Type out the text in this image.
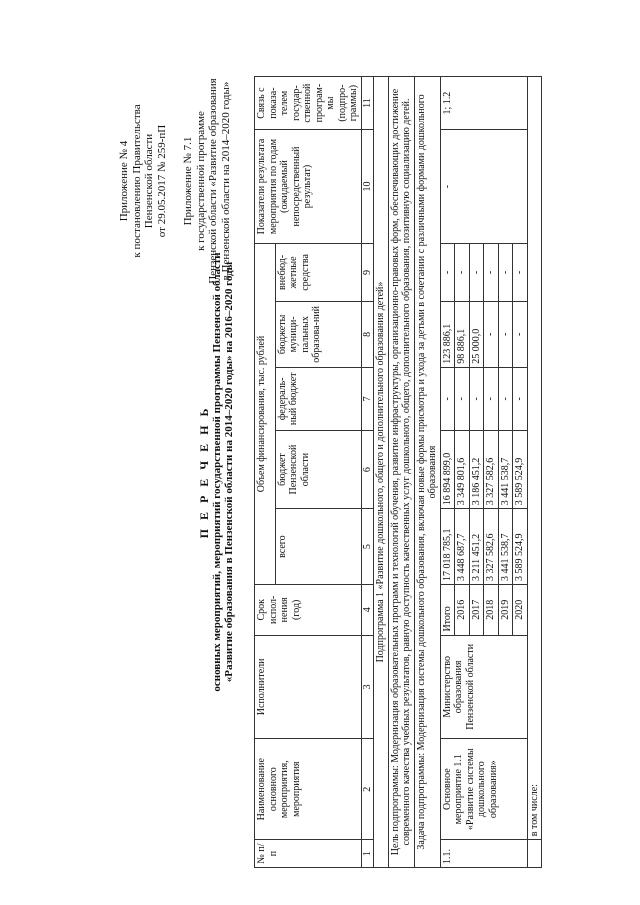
Приложение № 4 к постановлению Правительства Пензенской области от 29.05.2017 № 259-пП Приложение № 7.1 к государственной программе Пензенской области «Развитие образования в Пензенской области на 2014–2020 годы»
П Е Р Е Ч Е Н Ь основных мероприятий, мероприятий государственной программы Пензенской области «Развитие образования в Пензенской области на 2014–2020 годы» на 2016–2020 годы
№ п/п	Наименование основного мероприятия, мероприятия	Исполнители	Срок испол-нения (год)	Объем финансирования, тыс. рублей					Показатели результата мероприятия по годам (ожидаемый непосредственный результат)	Связь с показа-телем государ-ственной програм-мы (подпро-граммы)
				всего	бюджет Пензенской области	федераль-ный бюджет	бюджеты муници-пальных образова-ний	внебюд-жетные средства		
1	2	3	4	5	6	7	8	9	10	11
Подпрограмма 1 «Развитие дошкольного, общего и дополнительного образования детей»										
Цель подпрограммы: Модернизация образовательных программ и технологий обучения, развитие инфраструктуры, организационно-правовых форм, обеспечивающих достижение современного качества учебных результатов, равную доступность качественных услуг дошкольного, общего, дополнительного образования, позитивную социализацию детей.										
Задача подпрограммы: Модернизация системы дошкольного образования, включая новые формы присмотра и ухода за детьми в сочетании с различными формами дошкольного образования										
1.1.	Основное мероприятие 1.1 «Развитие системы дошкольного образования»	Министерство образования Пензенской области	Итого	17 018 785,1	16 894 899,0	-	123 886,1	-	-	1; 1.2
			2016	3 448 687,7	3 349 801,6	-	98 886,1	-		
			2017	3 211 451,2	3 186 451,2	-	25 000,0	-		
			2018	3 327 582,6	3 327 582,6	-	-	-		
			2019	3 441 538,7	3 441 538,7	-	-	-		
			2020	3 589 524,9	3 589 524,9	-	-	-		
	в том числе:									
